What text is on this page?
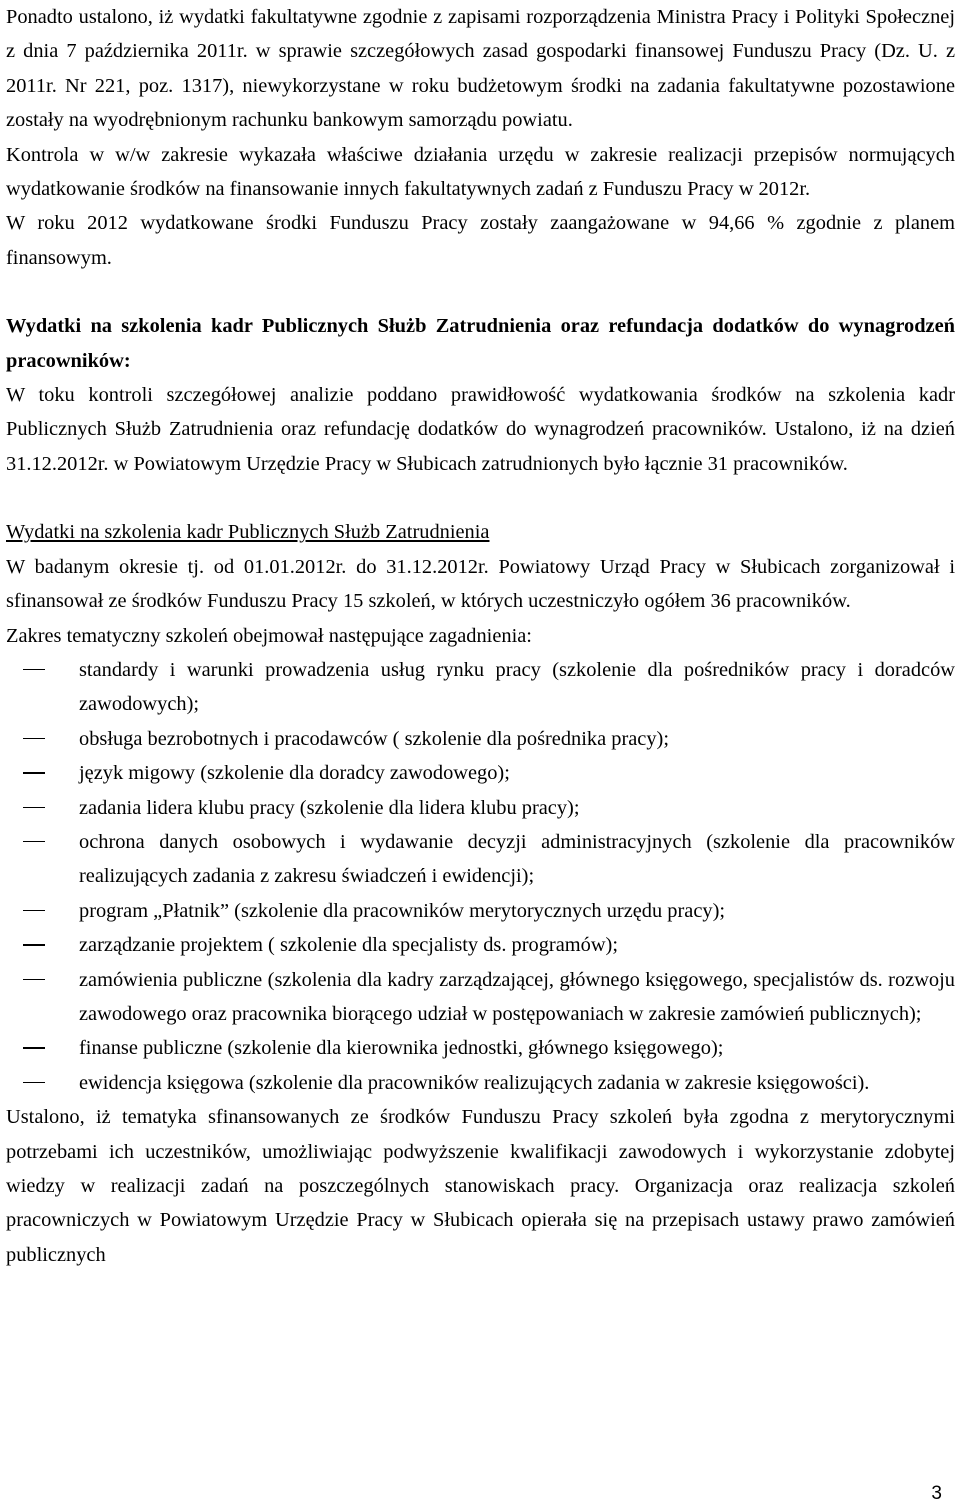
Ponadto ustalono, iż wydatki fakultatywne zgodnie z zapisami rozporządzenia Ministra Pracy i Polityki Społecznej z dnia 7 października 2011r. w sprawie szczegółowych zasad gospodarki finansowej Funduszu Pracy (Dz. U. z 2011r. Nr 221, poz. 1317), niewykorzystane w roku budżetowym środki na zadania fakultatywne pozostawione zostały na wyodrębnionym rachunku bankowym samorządu powiatu.

Kontrola w w/w zakresie wykazała właściwe działania urzędu w zakresie realizacji przepisów normujących wydatkowanie środków na finansowanie innych fakultatywnych zadań z Funduszu Pracy w 2012r.

W roku 2012 wydatkowane środki Funduszu Pracy zostały zaangażowane w 94,66 % zgodnie z planem finansowym.

Wydatki na szkolenia kadr Publicznych Służb Zatrudnienia oraz refundacja dodatków do wynagrodzeń pracowników:

W toku kontroli szczegółowej analizie poddano prawidłowość wydatkowania środków na szkolenia kadr Publicznych Służb Zatrudnienia oraz refundację dodatków do wynagrodzeń pracowników. Ustalono, iż na dzień 31.12.2012r. w Powiatowym Urzędzie Pracy w Słubicach zatrudnionych było łącznie 31 pracowników.

Wydatki na szkolenia kadr Publicznych Służb Zatrudnienia

W badanym okresie tj. od 01.01.2012r. do 31.12.2012r. Powiatowy Urząd Pracy w Słubicach zorganizował i sfinansował ze środków Funduszu Pracy 15 szkoleń, w których uczestniczyło ogółem 36 pracowników.

Zakres tematyczny szkoleń obejmował następujące zagadnienia:

standardy i warunki prowadzenia usług rynku pracy (szkolenie dla pośredników pracy i doradców zawodowych);
obsługa bezrobotnych i pracodawców ( szkolenie dla pośrednika pracy);
język migowy (szkolenie dla doradcy zawodowego);
zadania lidera klubu pracy (szkolenie dla lidera klubu pracy);
ochrona danych osobowych i wydawanie decyzji administracyjnych (szkolenie dla pracowników realizujących zadania z zakresu świadczeń i ewidencji);
program „Płatnik” (szkolenie dla pracowników merytorycznych urzędu pracy);
zarządzanie projektem ( szkolenie dla specjalisty ds. programów);
zamówienia publiczne (szkolenia dla kadry zarządzającej, głównego księgowego, specjalistów ds. rozwoju zawodowego oraz pracownika biorącego udział w postępowaniach w zakresie zamówień publicznych);
finanse publiczne (szkolenie dla kierownika jednostki, głównego księgowego);
ewidencja księgowa (szkolenie dla pracowników realizujących zadania w zakresie księgowości).

Ustalono, iż tematyka sfinansowanych ze środków Funduszu Pracy szkoleń była zgodna z merytorycznymi potrzebami ich uczestników, umożliwiając podwyższenie kwalifikacji zawodowych i wykorzystanie zdobytej wiedzy w realizacji zadań na poszczególnych stanowiskach pracy. Organizacja oraz realizacja szkoleń pracowniczych w Powiatowym Urzędzie Pracy w Słubicach opierała się na przepisach ustawy prawo zamówień publicznych

3
